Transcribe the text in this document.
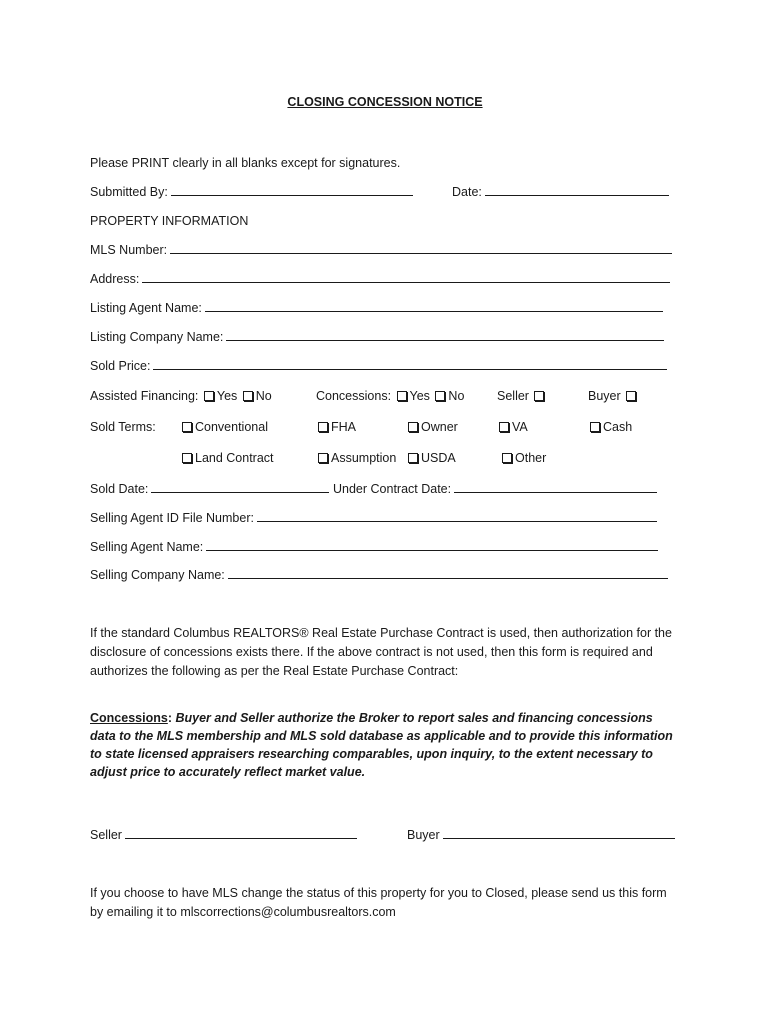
CLOSING CONCESSION NOTICE
Please PRINT clearly in all blanks except for signatures.
Submitted By:	Date:
PROPERTY INFORMATION
MLS Number:
Address:
Listing Agent Name:
Listing Company Name:
Sold Price:
Assisted Financing: Yes No	Concessions: Yes No	Seller	Buyer
Sold Terms:	Conventional	FHA	Owner	VA	Cash
Land Contract	Assumption	USDA	Other
Sold Date:	Under Contract Date:
Selling Agent ID File Number:
Selling Agent Name:
Selling Company Name:
If the standard Columbus REALTORS® Real Estate Purchase Contract is used, then authorization for the disclosure of concessions exists there. If the above contract is not used, then this form is required and authorizes the following as per the Real Estate Purchase Contract:
Concessions: Buyer and Seller authorize the Broker to report sales and financing concessions data to the MLS membership and MLS sold database as applicable and to provide this information to state licensed appraisers researching comparables, upon inquiry, to the extent necessary to adjust price to accurately reflect market value.
Seller	Buyer
If you choose to have MLS change the status of this property for you to Closed, please send us this form by emailing it to mlscorrections@columbusrealtors.com
